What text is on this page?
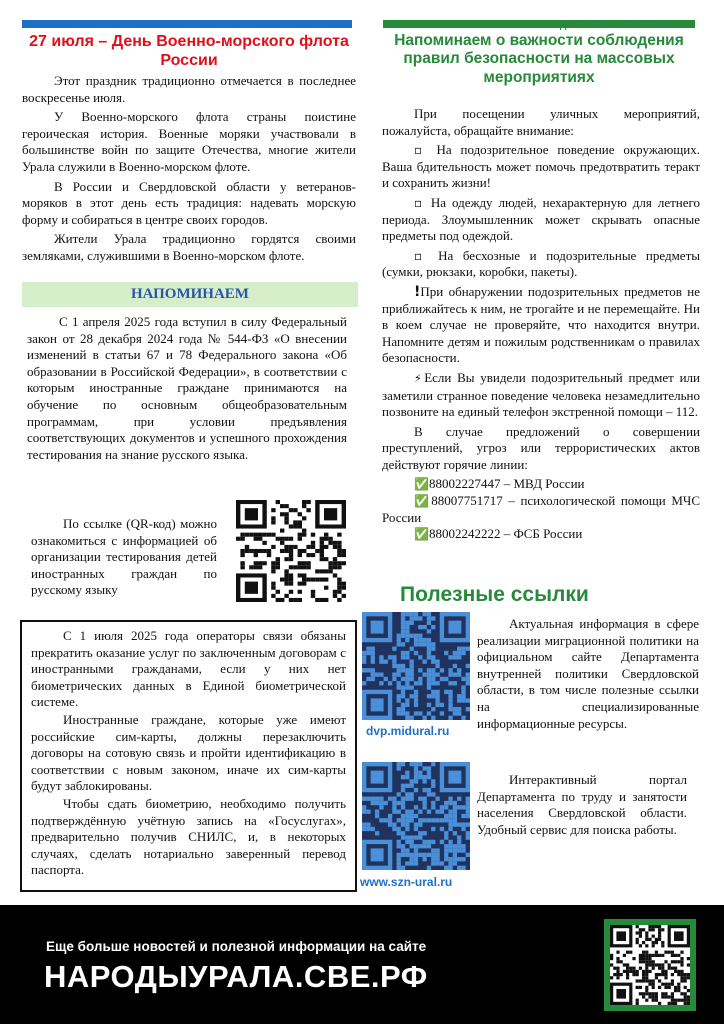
ДОБРО ПОЖАЛОВАТЬ
27 июля – День Военно-морского флота России

Этот праздник традиционно отмечается в последнее воскресенье июля.

У Военно-морского флота страны поистине героическая история. Военные моряки участвовали в большинстве войн по защите Отечества, многие жители Урала служили в Военно-морском флоте.

В России и Свердловской области у ветеранов-моряков в этот день есть традиция: надевать морскую форму и собираться в центре своих городов.

Жители Урала традиционно гордятся своими земляками, служившими в Военно-морском флоте.

НАПОМИНАЕМ

С 1 апреля 2025 года вступил в силу Федеральный закон от 28 декабря 2024 года № 544-ФЗ «О внесении изменений в статьи 67 и 78 Федерального закона «Об образовании в Российской Федерации», в соответствии с которым иностранные граждане принимаются на обучение по основным общеобразовательным программам, при условии предъявления соответствующих документов и успешного прохождения тестирования на знание русского языка.

По ссылке (QR-код) можно ознакомиться с информацией об организации тестирования детей иностранных граждан по русскому языку

С 1 июля 2025 года операторы связи обязаны прекратить оказание услуг по заключенным договорам с иностранными гражданами, если у них нет биометрических данных в Единой биометрической системе.

Иностранные граждане, которые уже имеют российские сим-карты, должны перезаключить договоры на сотовую связь и пройти идентификацию в соответствии с новым законом, иначе их сим-карты будут заблокированы.

Чтобы сдать биометрию, необходимо получить подтверждённую учётную запись на «Госуслугах», предварительно получив СНИЛС, и, в некоторых случаях, сделать нотариально заверенный перевод паспорта.

Напоминаем о важности соблюдения правил безопасности на массовых мероприятиях

При посещении уличных мероприятий, пожалуйста, обращайте внимание:

▫ На подозрительное поведение окружающих. Ваша бдительность может помочь предотвратить теракт и сохранить жизни!

▫ На одежду людей, нехарактерную для летнего периода. Злоумышленник может скрывать опасные предметы под одеждой.

▫ На бесхозные и подозрительные предметы (сумки, рюкзаки, коробки, пакеты).

!При обнаружении подозрительных предметов не приближайтесь к ним, не трогайте и не перемещайте. Ни в коем случае не проверяйте, что находится внутри. Напомните детям и пожилым родственникам о правилах безопасности.

⚡Если Вы увидели подозрительный предмет или заметили странное поведение человека незамедлительно позвоните на единый телефон экстренной помощи – 112.

В случае предложений о совершении преступлений, угроз или террористических актов действуют горячие линии:

✅88002227447 – МВД России

✅88007751717 – психологической помощи МЧС России

✅88002242222 – ФСБ России

Полезные ссылки
dvp.midural.ru

Актуальная информация в сфере реализации миграционной политики на официальном сайте Департамента внутренней политики Свердловской области, в том числе полезные ссылки на специализированные информационные ресурсы.

www.szn-ural.ru

Интерактивный портал Департамента по труду и занятости населения Свердловской области. Удобный сервис для поиска работы.

Еще больше новостей и полезной информации на сайте
НАРОДЫУРАЛА.СВЕ.РФ
